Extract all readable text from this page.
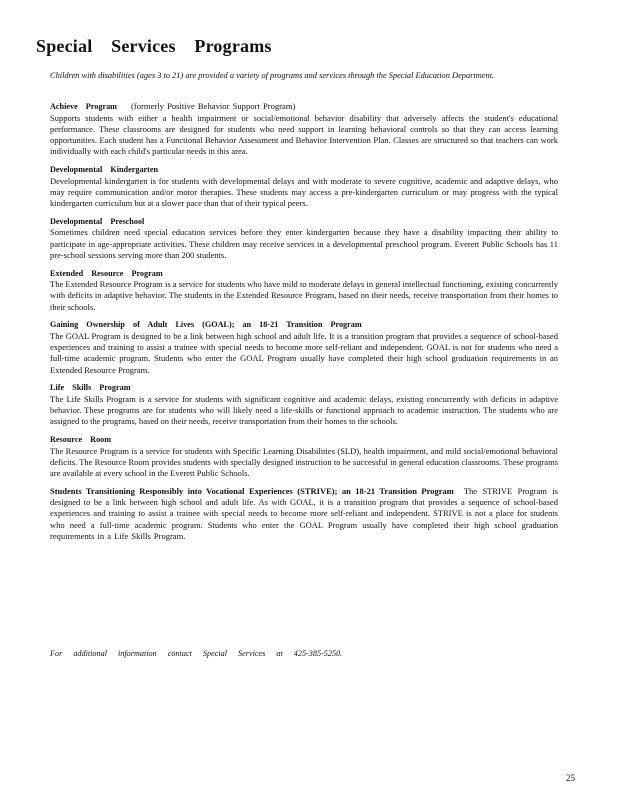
Special Services Programs
Children with disabilities (ages 3 to 21) are provided a variety of programs and services through the Special Education Department.
Achieve Program (formerly Positive Behavior Support Program)
Supports students with either a health impairment or social/emotional behavior disability that adversely affects the student's educational performance. These classrooms are designed for students who need support in learning behavioral controls so that they can access learning opportunities. Each student has a Functional Behavior Assessment and Behavior Intervention Plan. Classes are structured so that teachers can work individually with each child's particular needs in this area.
Developmental Kindergarten
Developmental kindergarten is for students with developmental delays and with moderate to severe cognitive, academic and adaptive delays, who may require communication and/or motor therapies. These students may access a pre-kindergarten curriculum or may progress with the typical kindergarten curriculum but at a slower pace than that of their typical peers.
Developmental Preschool
Sometimes children need special education services before they enter kindergarten because they have a disability impacting their ability to participate in age-appropriate activities. These children may receive services in a developmental preschool program. Everett Public Schools has 11 pre-school sessions serving more than 200 students.
Extended Resource Program
The Extended Resource Program is a service for students who have mild to moderate delays in general intellectual functioning, existing concurrently with deficits in adaptive behavior. The students in the Extended Resource Program, based on their needs, receive transportation from their homes to their schools.
Gaining Ownership of Adult Lives (GOAL); an 18-21 Transition Program
The GOAL Program is designed to be a link between high school and adult life. It is a transition program that provides a sequence of school-based experiences and training to assist a trainee with special needs to become more self-reliant and independent. GOAL is not for students who need a full-time academic program. Students who enter the GOAL Program usually have completed their high school graduation requirements in an Extended Resource Program.
Life Skills Program
The Life Skills Program is a service for students with significant cognitive and academic delays, existing concurrently with deficits in adaptive behavior. These programs are for students who will likely need a life-skills or functional approach to academic instruction. The students who are assigned to the programs, based on their needs, receive transportation from their homes to the schools.
Resource Room
The Resource Program is a service for students with Specific Learning Disabilities (SLD), health impairment, and mild social/emotional behavioral deficits. The Resource Room provides students with specially designed instruction to be successful in general education classrooms. These programs are available at every school in the Everett Public Schools.
Students Transitioning Responsibly into Vocational Experiences (STRIVE); an 18-21 Transition Program The STRIVE Program is designed to be a link between high school and adult life. As with GOAL, it is a transition program that provides a sequence of school-based experiences and training to assist a trainee with special needs to become more self-reliant and independent. STRIVE is not a place for students who need a full-time academic program. Students who enter the GOAL Program usually have completed their high school graduation requirements in a Life Skills Program.
For additional information contact Special Services at 425-385-5250.
25
